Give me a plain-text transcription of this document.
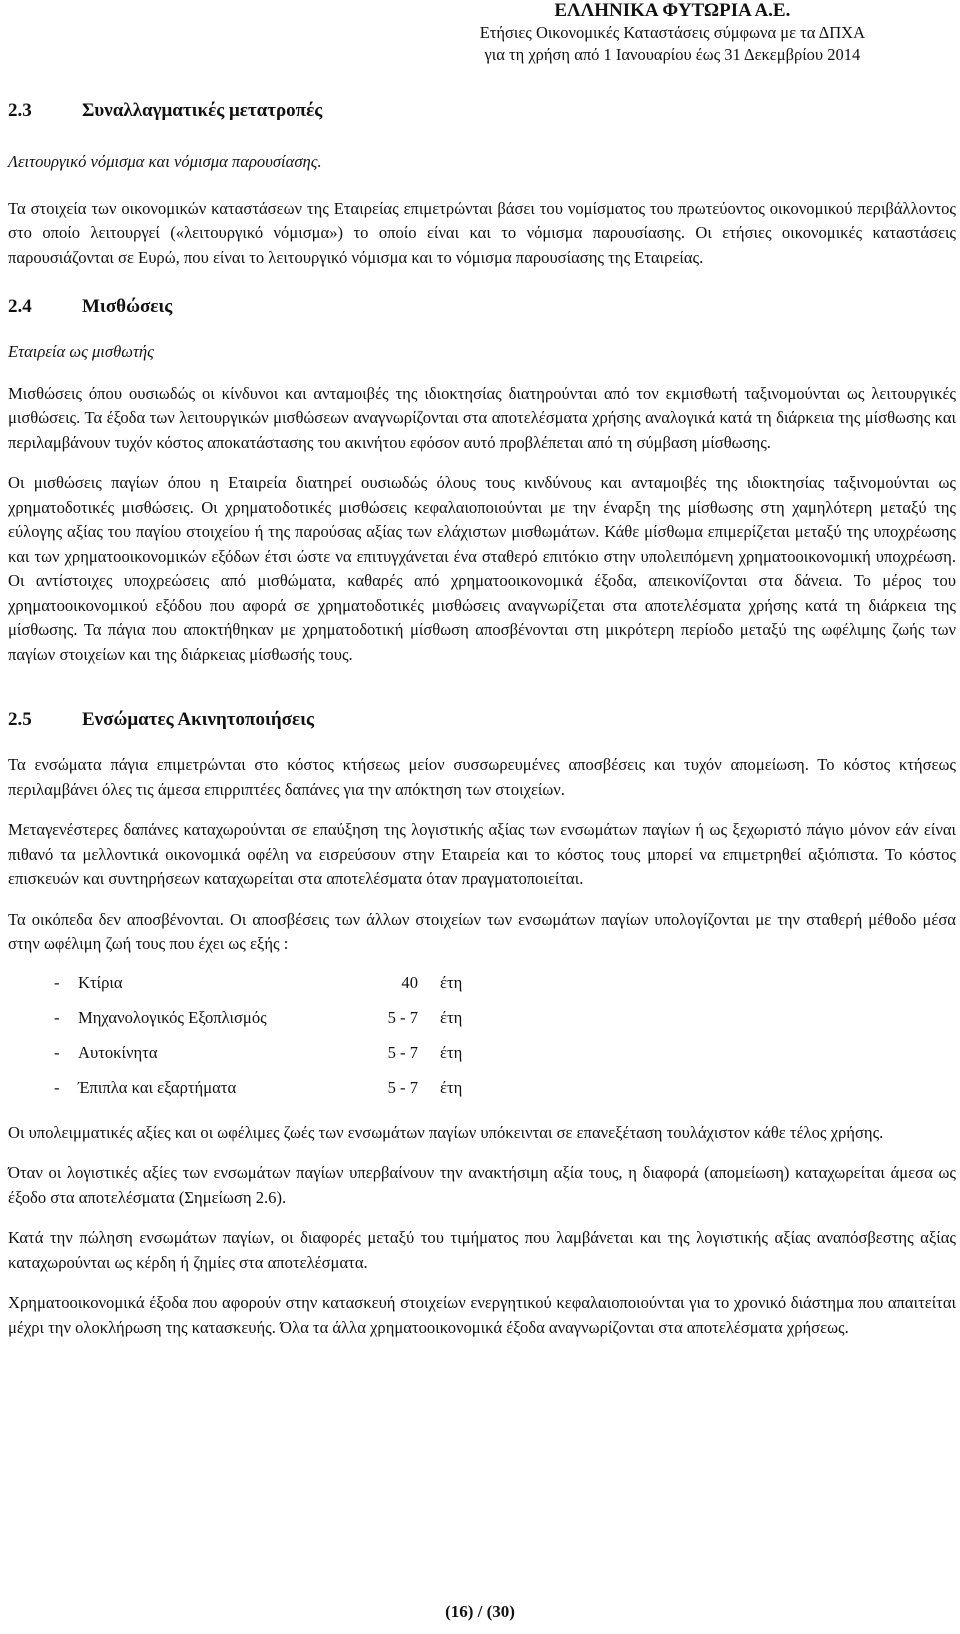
ΕΛΛΗΝΙΚΑ ΦΥΤΩΡΙΑ Α.Ε.
Ετήσιες Οικονομικές Καταστάσεις σύμφωνα με τα ΔΠΧΑ
για τη χρήση από 1 Ιανουαρίου έως 31 Δεκεμβρίου 2014
2.3	Συναλλαγματικές μετατροπές

Λειτουργικό νόμισμα και νόμισμα παρουσίασης.

Τα στοιχεία των οικονομικών καταστάσεων της Εταιρείας επιμετρώνται βάσει του νομίσματος του πρωτεύοντος οικονομικού περιβάλλοντος στο οποίο λειτουργεί («λειτουργικό νόμισμα») το οποίο είναι και το νόμισμα παρουσίασης. Οι ετήσιες οικονομικές καταστάσεις παρουσιάζονται σε Ευρώ, που είναι το λειτουργικό νόμισμα και το νόμισμα παρουσίασης της Εταιρείας.

2.4	Μισθώσεις

Εταιρεία ως μισθωτής

Μισθώσεις όπου ουσιωδώς οι κίνδυνοι και ανταμοιβές της ιδιοκτησίας διατηρούνται από τον εκμισθωτή ταξινομούνται ως λειτουργικές μισθώσεις. Τα έξοδα των λειτουργικών μισθώσεων αναγνωρίζονται στα αποτελέσματα χρήσης αναλογικά κατά τη διάρκεια της μίσθωσης και περιλαμβάνουν τυχόν κόστος αποκατάστασης του ακινήτου εφόσον αυτό προβλέπεται από τη σύμβαση μίσθωσης.

Οι μισθώσεις παγίων όπου η Εταιρεία διατηρεί ουσιωδώς όλους τους κινδύνους και ανταμοιβές της ιδιοκτησίας ταξινομούνται ως χρηματοδοτικές μισθώσεις. Οι χρηματοδοτικές μισθώσεις κεφαλαιοποιούνται με την έναρξη της μίσθωσης στη χαμηλότερη μεταξύ της εύλογης αξίας του παγίου στοιχείου ή της παρούσας αξίας των ελάχιστων μισθωμάτων. Κάθε μίσθωμα επιμερίζεται μεταξύ της υποχρέωσης και των χρηματοοικονομικών εξόδων έτσι ώστε να επιτυγχάνεται ένα σταθερό επιτόκιο στην υπολειπόμενη χρηματοοικονομική υποχρέωση. Οι αντίστοιχες υποχρεώσεις από μισθώματα, καθαρές από χρηματοοικονομικά έξοδα, απεικονίζονται στα δάνεια. Το μέρος του χρηματοοικονομικού εξόδου που αφορά σε χρηματοδοτικές μισθώσεις αναγνωρίζεται στα αποτελέσματα χρήσης κατά τη διάρκεια της μίσθωσης. Τα πάγια που αποκτήθηκαν με χρηματοδοτική μίσθωση αποσβένονται στη μικρότερη περίοδο μεταξύ της ωφέλιμης ζωής των παγίων στοιχείων και της διάρκειας μίσθωσής τους.

2.5	Ενσώματες Ακινητοποιήσεις

Τα ενσώματα πάγια επιμετρώνται στο κόστος κτήσεως μείον συσσωρευμένες αποσβέσεις και τυχόν απομείωση. Το κόστος κτήσεως περιλαμβάνει όλες τις άμεσα επιρριπτέες δαπάνες για την απόκτηση των στοιχείων.

Μεταγενέστερες δαπάνες καταχωρούνται σε επαύξηση της λογιστικής αξίας των ενσωμάτων παγίων ή ως ξεχωριστό πάγιο μόνον εάν είναι πιθανό τα μελλοντικά οικονομικά οφέλη να εισρεύσουν στην Εταιρεία και το κόστος τους μπορεί να επιμετρηθεί αξιόπιστα. Το κόστος επισκευών και συντηρήσεων καταχωρείται στα αποτελέσματα όταν πραγματοποιείται.

Τα οικόπεδα δεν αποσβένονται. Οι αποσβέσεις των άλλων στοιχείων των ενσωμάτων παγίων υπολογίζονται με την σταθερή μέθοδο μέσα στην ωφέλιμη ζωή τους που έχει ως εξής :

-	Κτίρια	40	έτη
-	Μηχανολογικός Εξοπλισμός	5 - 7	έτη
-	Αυτοκίνητα	5 - 7	έτη
-	Έπιπλα και εξαρτήματα	5 - 7	έτη

Οι υπολειμματικές αξίες και οι ωφέλιμες ζωές των ενσωμάτων παγίων υπόκεινται σε επανεξέταση τουλάχιστον κάθε τέλος χρήσης.

Όταν οι λογιστικές αξίες των ενσωμάτων παγίων υπερβαίνουν την ανακτήσιμη αξία τους, η διαφορά (απομείωση) καταχωρείται άμεσα ως έξοδο στα αποτελέσματα (Σημείωση 2.6).

Κατά την πώληση ενσωμάτων παγίων, οι διαφορές μεταξύ του τιμήματος που λαμβάνεται και της λογιστικής αξίας αναπόσβεστης αξίας καταχωρούνται ως κέρδη ή ζημίες στα αποτελέσματα.

Χρηματοοικονομικά έξοδα που αφορούν στην κατασκευή στοιχείων ενεργητικού κεφαλαιοποιούνται για το χρονικό διάστημα που απαιτείται μέχρι την ολοκλήρωση της κατασκευής. Όλα τα άλλα χρηματοοικονομικά έξοδα αναγνωρίζονται στα αποτελέσματα χρήσεως.

(16) / (30)
